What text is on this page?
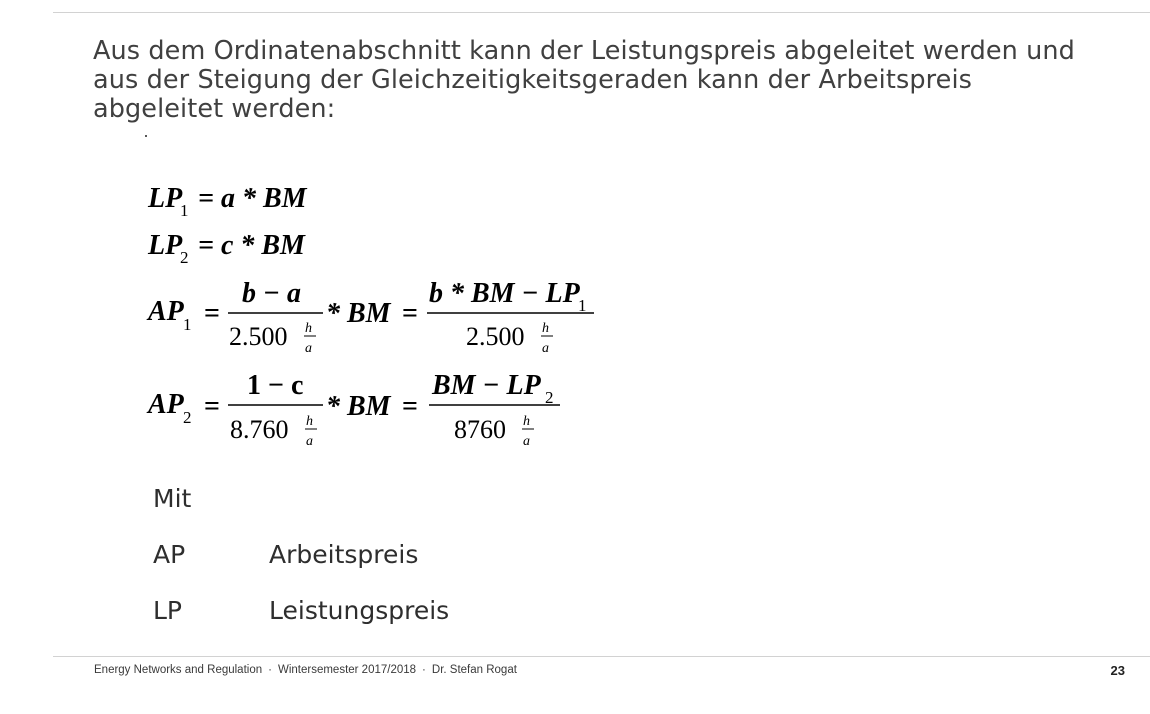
Aus dem Ordinatenabschnitt kann der Leistungspreis abgeleitet werden und
aus der Steigung der Gleichzeitigkeitsgeraden kann der Arbeitspreis
abgeleitet werden:

LP
1 = a * BM
LP
2 = c * BM
AP 1 =
b − a
2.500 h
a
* BM =
b * BM − LP
1
2.500 h
a
AP 2 =
1 − c
8.760 h
a
* BM =
BM − LP 2
8760 h
a
Mit
AP	Arbeitspreis
LP	Leistungspreis
Energy Networks and Regulation · Wintersemester 2017/2018 · Dr. Stefan Rogat	23
